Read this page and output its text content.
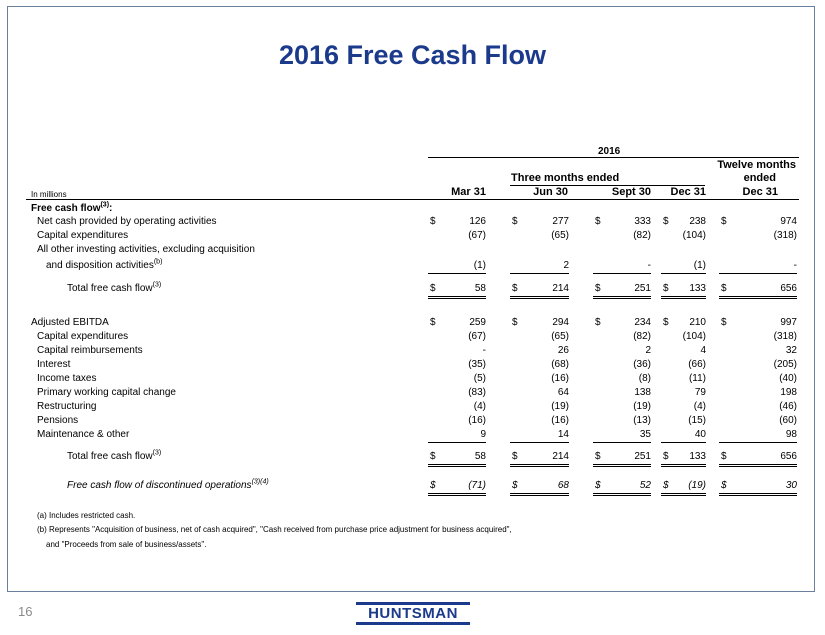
2016 Free Cash Flow
2016
Three months ended
Twelve months
ended
In millions	Mar 31	Jun 30	Sept 30	Dec 31	Dec 31
Free cash flow$^{(3)}$:
Net cash provided by operating activities	$	126	$	277	$	333 $	238 $	974
Capital expenditures	(67)	(65)	(82)	(104)	(318)
All other investing activities, excluding acquisition
and disposition activities$^{(b)}$	(1)	2	-	(1)	-
Total free cash flow$^{(3)}$	$	58	$	214	$	251 $	133 $	656
Adjusted EBITDA	$	259	$	294	$	234 $	210 $	997
Capital expenditures	(67)	(65)	(82)	(104)	(318)
Capital reimbursements	-	26	2	4	32
Interest	(35)	(68)	(36)	(66)	(205)
Income taxes	(5)	(16)	(8)	(11)	(40)
Primary working capital change	(83)	64	138	79	198
Restructuring	(4)	(19)	(19)	(4)	(46)
Pensions	(16)	(16)	(13)	(15)	(60)
Maintenance & other	9	14	35	40	98
Total free cash flow$^{(3)}$	$	58	$	214	$	251 $	133 $	656
Free cash flow of discontinued operations$^{(3)(4)}$	$	(71)	$	68	$	52 $	(19) $	30
(a) Includes restricted cash.
(b) Represents "Acquisition of business, net of cash acquired", "Cash received from purchase price adjustment for business acquired",
and "Proceeds from sale of business/assets".
16	HUNTSMAN
